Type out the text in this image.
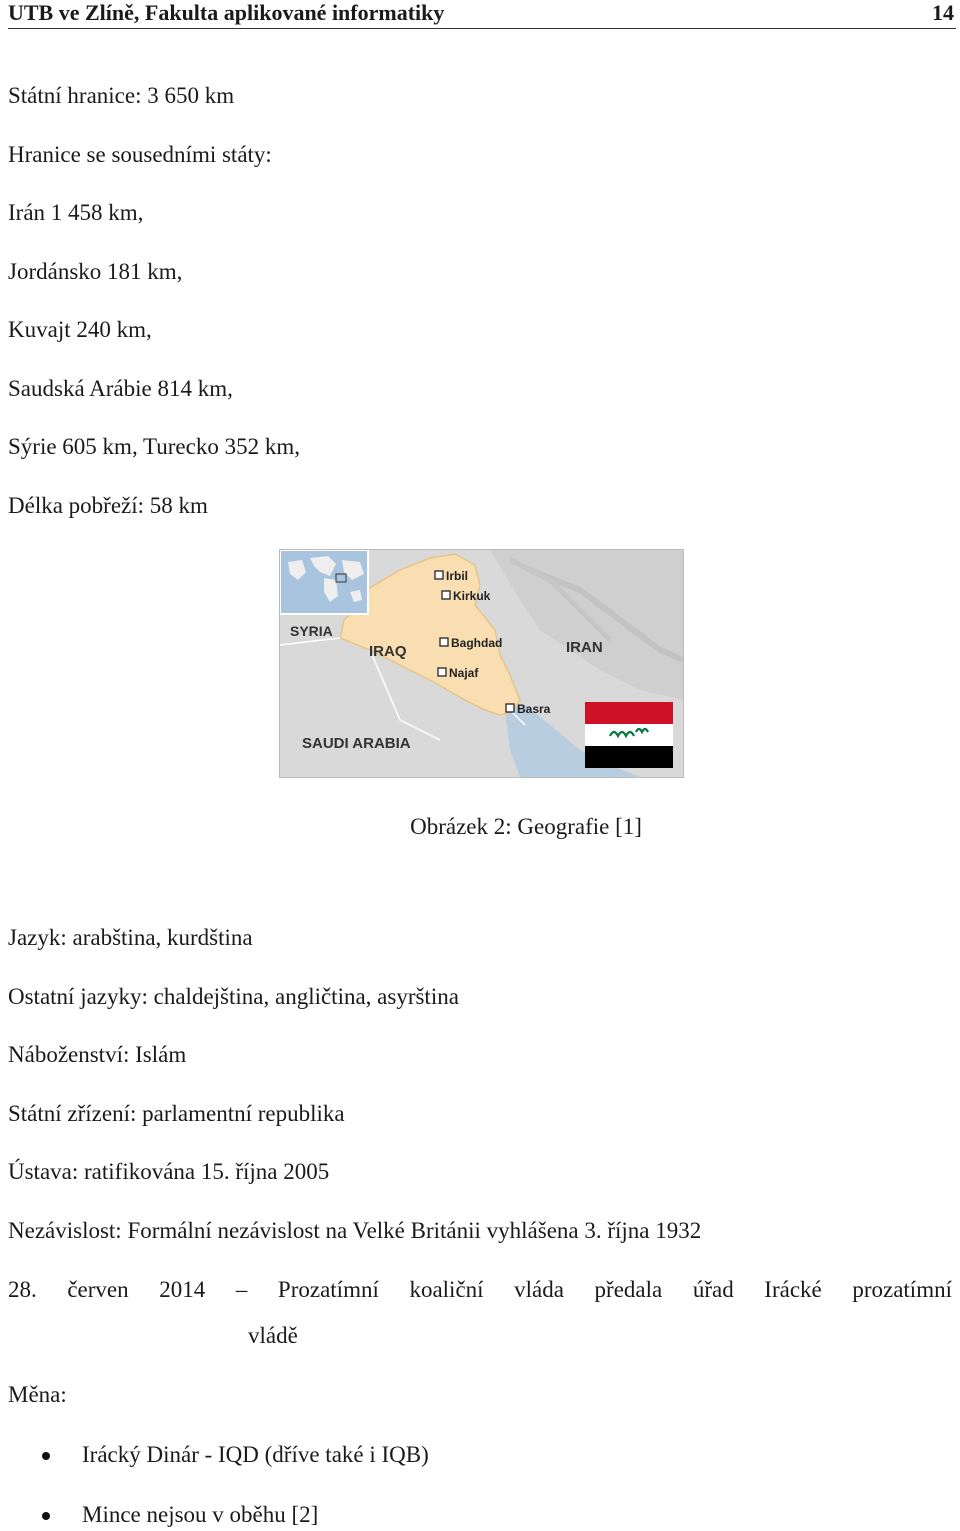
UTB ve Zlíně, Fakulta aplikované informatiky	14
Státní hranice: 3 650 km
Hranice se sousedními státy:
Irán 1 458 km,
Jordánsko 181 km,
Kuvajt 240 km,
Saudská Arábie 814 km,
Sýrie 605 km, Turecko 352 km,
Délka pobřeží: 58 km
SYRIA
IRAQ	IRAN
SAUDI ARABIA
Irbil
Kirkuk
Baghdad
Najaf
Basra
Obrázek 2: Geografie [1]
Jazyk: arabština, kurdština
Ostatní jazyky: chaldejština, angličtina, asyrština
Náboženství: Islám
Státní zřízení: parlamentní republika
Ústava: ratifikována 15. října 2005
Nezávislost: Formální nezávislost na Velké Británii vyhlášena 3. října 1932
28. červen 2014 – Prozatímní koaliční vláda předala úřad Irácké prozatímní
vládě
Měna:
Irácký Dinár - IQD (dříve také i IQB)
Mince nejsou v oběhu [2]
